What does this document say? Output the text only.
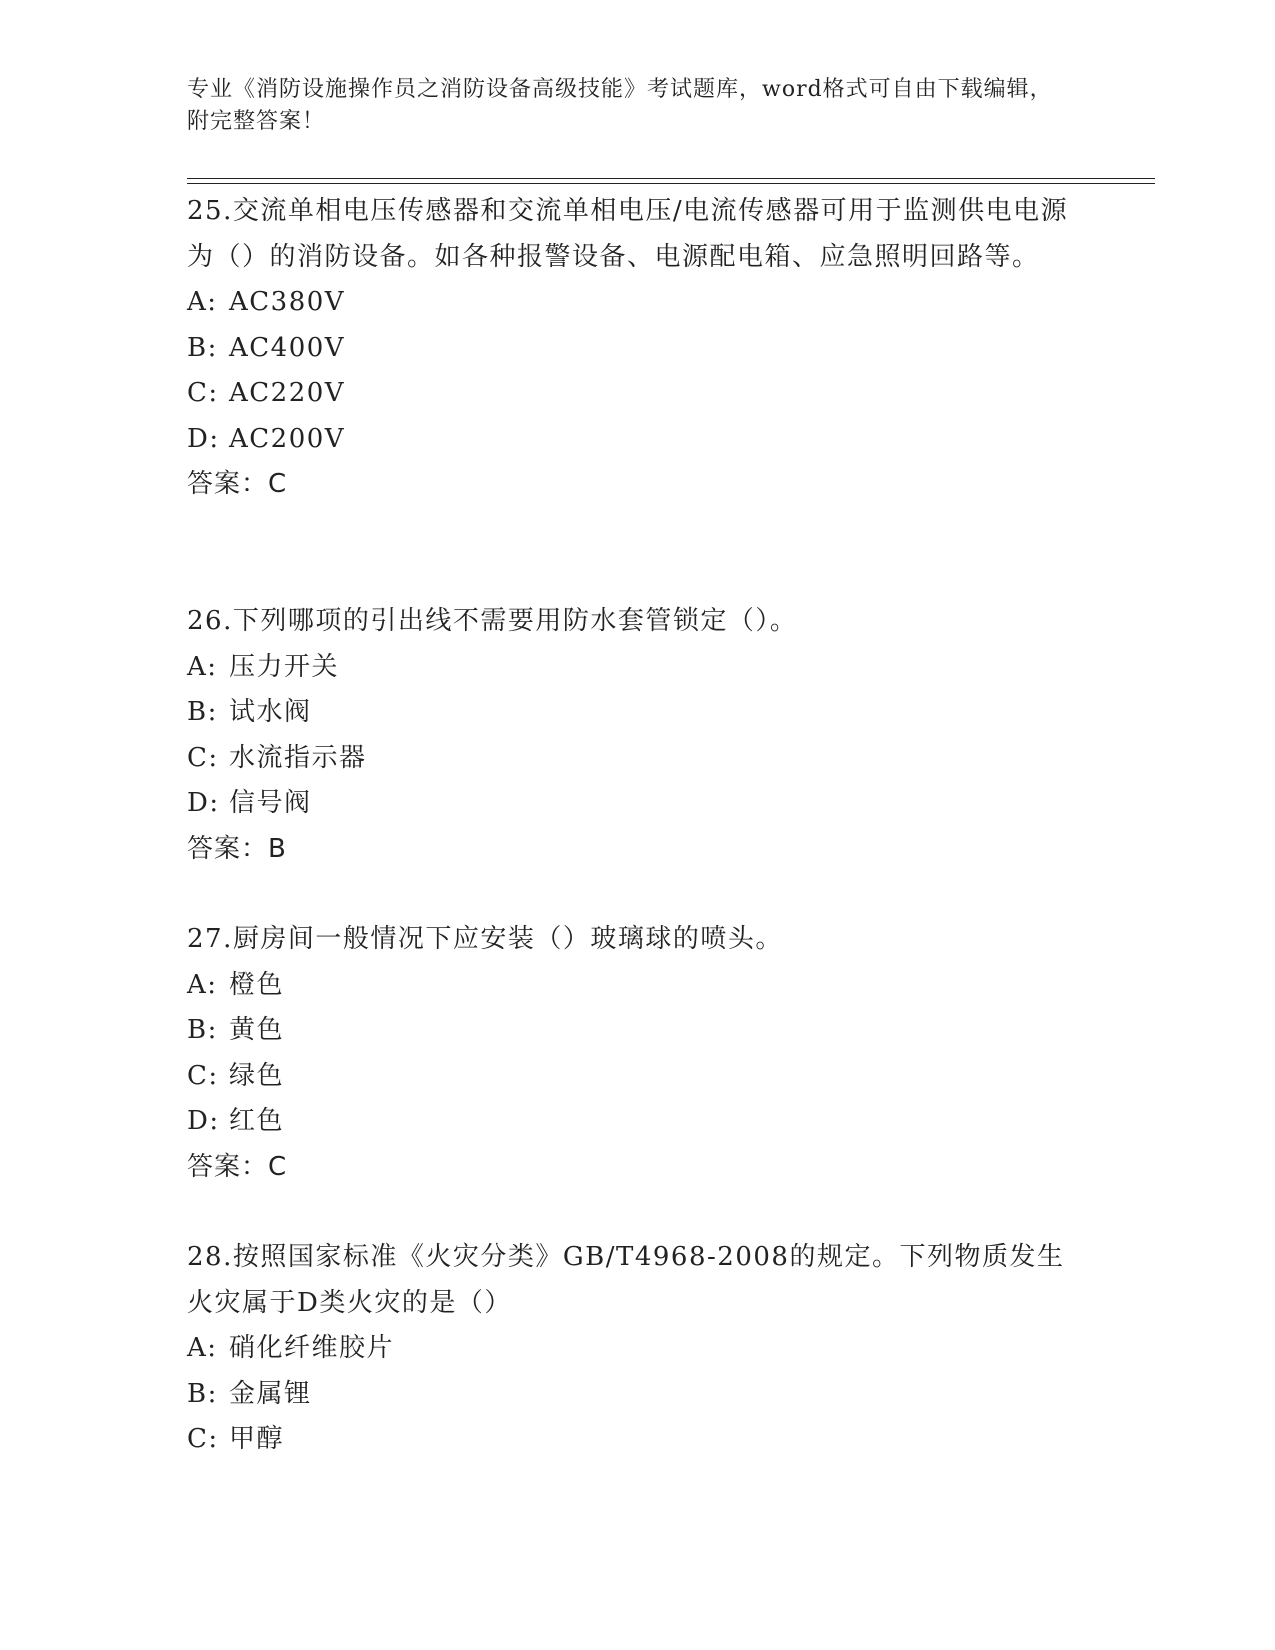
专业《消防设施操作员之消防设备高级技能》考试题库，word格式可自由下载编辑，附完整答案！

25.交流单相电压传感器和交流单相电压/电流传感器可用于监测供电电源为（）的消防设备。如各种报警设备、电源配电箱、应急照明回路等。

A: AC380V
B: AC400V
C: AC220V
D: AC200V
答案：C

26.下列哪项的引出线不需要用防水套管锁定（）。

A: 压力开关
B: 试水阀
C: 水流指示器
D: 信号阀
答案：B

27.厨房间一般情况下应安装（）玻璃球的喷头。

A: 橙色
B: 黄色
C: 绿色
D: 红色
答案：C

28.按照国家标准《火灾分类》GB/T4968-2008的规定。下列物质发生火灾属于D类火灾的是（）

A: 硝化纤维胶片
B: 金属锂
C: 甲醇
